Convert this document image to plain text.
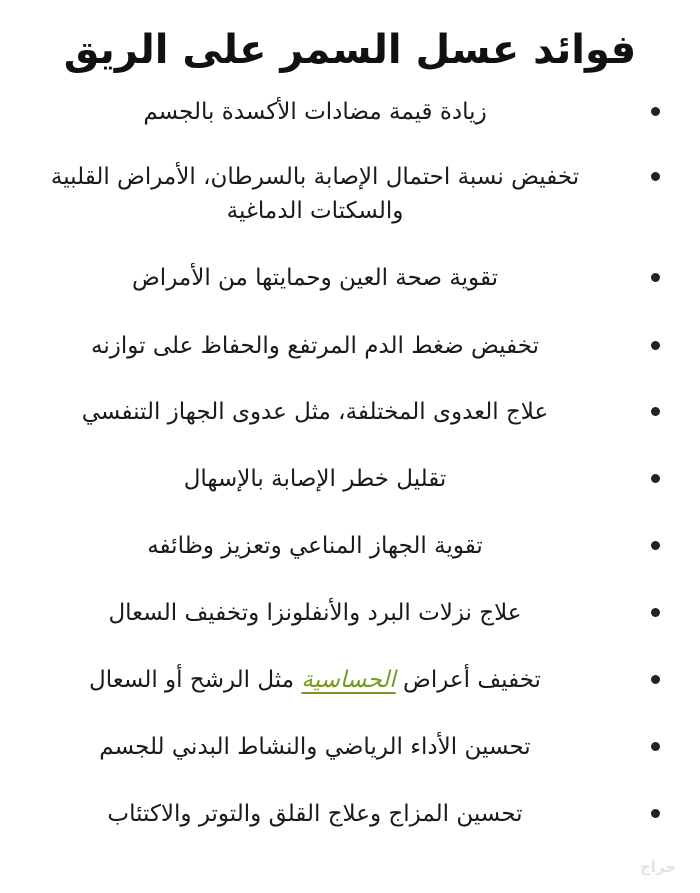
فوائد عسل السمر على الريق
زيادة قيمة مضادات الأكسدة بالجسم
تخفيض نسبة احتمال الإصابة بالسرطان، الأمراض القلبية والسكتات الدماغية
تقوية صحة العين وحمايتها من الأمراض
تخفيض ضغط الدم المرتفع والحفاظ على توازنه
علاج العدوى المختلفة، مثل عدوى الجهاز التنفسي
تقليل خطر الإصابة بالإسهال
تقوية الجهاز المناعي وتعزيز وظائفه
علاج نزلات البرد والأنفلونزا وتخفيف السعال
تخفيف أعراض الحساسية مثل الرشح أو السعال
تحسين الأداء الرياضي والنشاط البدني للجسم
تحسين المزاج وعلاج القلق والتوتر والاكتئاب
حراج
